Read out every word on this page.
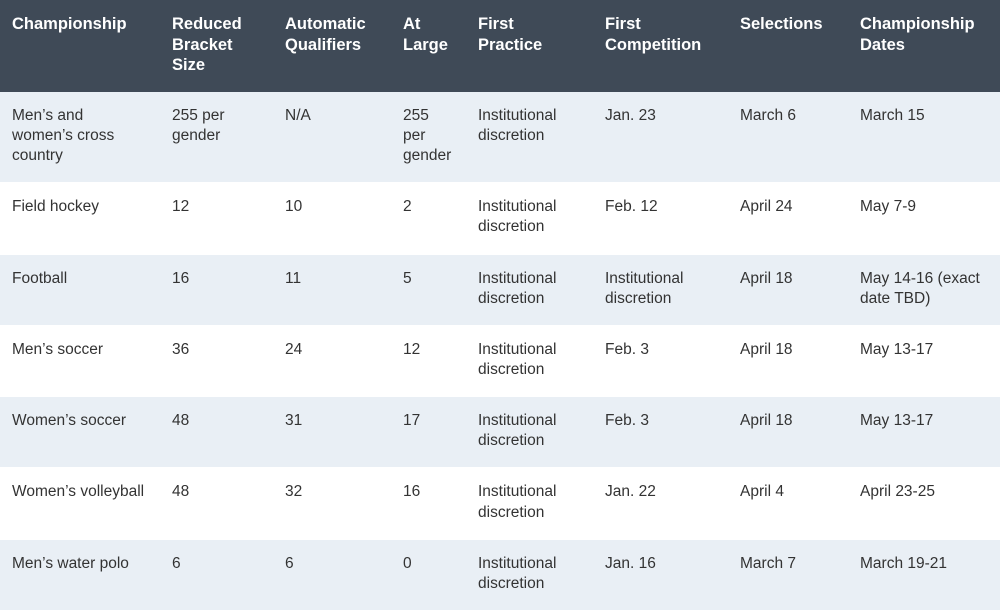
Championship	Reduced Bracket Size	Automatic Qualifiers	At Large	First Practice	First Competition	Selections	Championship Dates
Men’s and women’s cross country	255 per gender	N/A	255 per gender	Institutional discretion	Jan. 23	March 6	March 15
Field hockey	12	10	2	Institutional discretion	Feb. 12	April 24	May 7-9
Football	16	11	5	Institutional discretion	Institutional discretion	April 18	May 14-16 (exact date TBD)
Men’s soccer	36	24	12	Institutional discretion	Feb. 3	April 18	May 13-17
Women’s soccer	48	31	17	Institutional discretion	Feb. 3	April 18	May 13-17
Women’s volleyball	48	32	16	Institutional discretion	Jan. 22	April 4	April 23-25
Men’s water polo	6	6	0	Institutional discretion	Jan. 16	March 7	March 19-21
